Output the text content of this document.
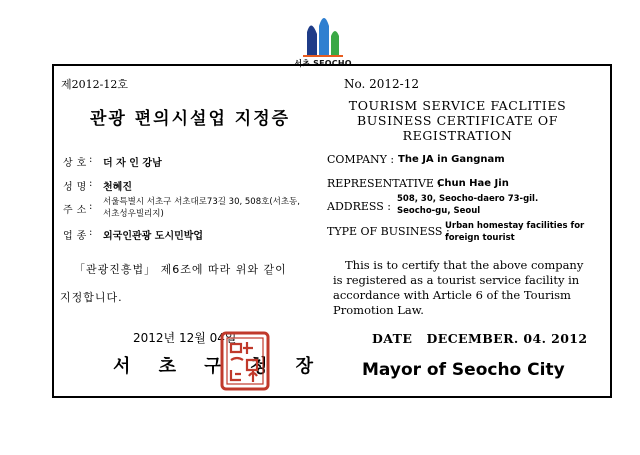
서초 SEOCHO
제2012-12호
관광 편의시설업 지정증
상호
: 더 자 인 강남
성명
: 천혜진
주소
: 서울특별시 서초구 서초대로73길 30, 508호(서초동,
서초성우빌리지)
업종
: 외국인관광 도시민박업
「관광진흥법」 제6조에 따라 위와 같이
지정합니다.
2012년 12월 04일
서 초 구 청 장
No. 2012-12
TOURISM SERVICE FACLITIES
BUSINESS CERTIFICATE OF
REGISTRATION
COMPANY : The JA in Gangnam
REPRESENTATIVE :
Chun Hae Jin
ADDRESS :
508, 30, Seocho-daero 73-gil.
Seocho-gu, Seoul
TYPE OF BUSINESS :
Urban homestay facilities for
foreign tourist
This is to certify that the above company
is registered as a tourist service facility in
accordance with Article 6 of the Tourism
Promotion Law.
DATE   DECEMBER. 04. 2012
Mayor of Seocho City
